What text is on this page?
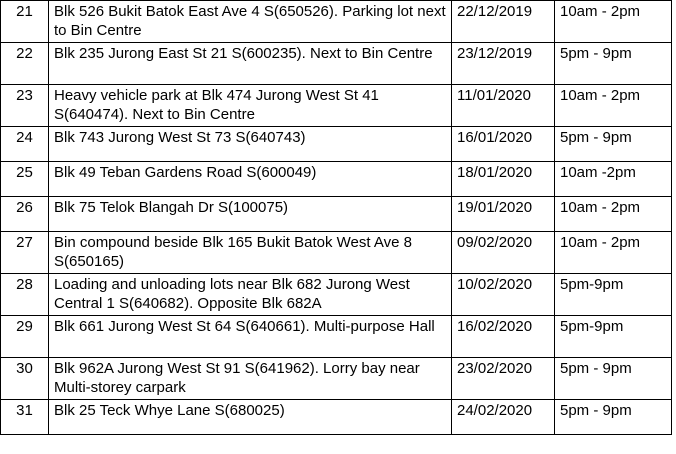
21	Blk 526 Bukit Batok East Ave 4 S(650526). Parking lot next to Bin Centre	22/12/2019	10am - 2pm
22	Blk 235 Jurong East St 21 S(600235). Next to Bin Centre	23/12/2019	5pm - 9pm
23	Heavy vehicle park at Blk 474 Jurong West St 41 S(640474). Next to Bin Centre	11/01/2020	10am - 2pm
24	Blk 743 Jurong West St 73 S(640743)	16/01/2020	5pm - 9pm
25	Blk 49 Teban Gardens Road S(600049)	18/01/2020	10am -2pm
26	Blk 75 Telok Blangah Dr S(100075)	19/01/2020	10am - 2pm
27	Bin compound beside Blk 165 Bukit Batok West Ave 8 S(650165)	09/02/2020	10am - 2pm
28	Loading and unloading lots near Blk 682 Jurong West Central 1 S(640682). Opposite Blk 682A	10/02/2020	5pm-9pm
29	Blk 661 Jurong West St 64 S(640661). Multi-purpose Hall	16/02/2020	5pm-9pm
30	Blk 962A Jurong West St 91 S(641962). Lorry bay near Multi-storey carpark	23/02/2020	5pm - 9pm
31	Blk 25 Teck Whye Lane S(680025)	24/02/2020	5pm - 9pm
